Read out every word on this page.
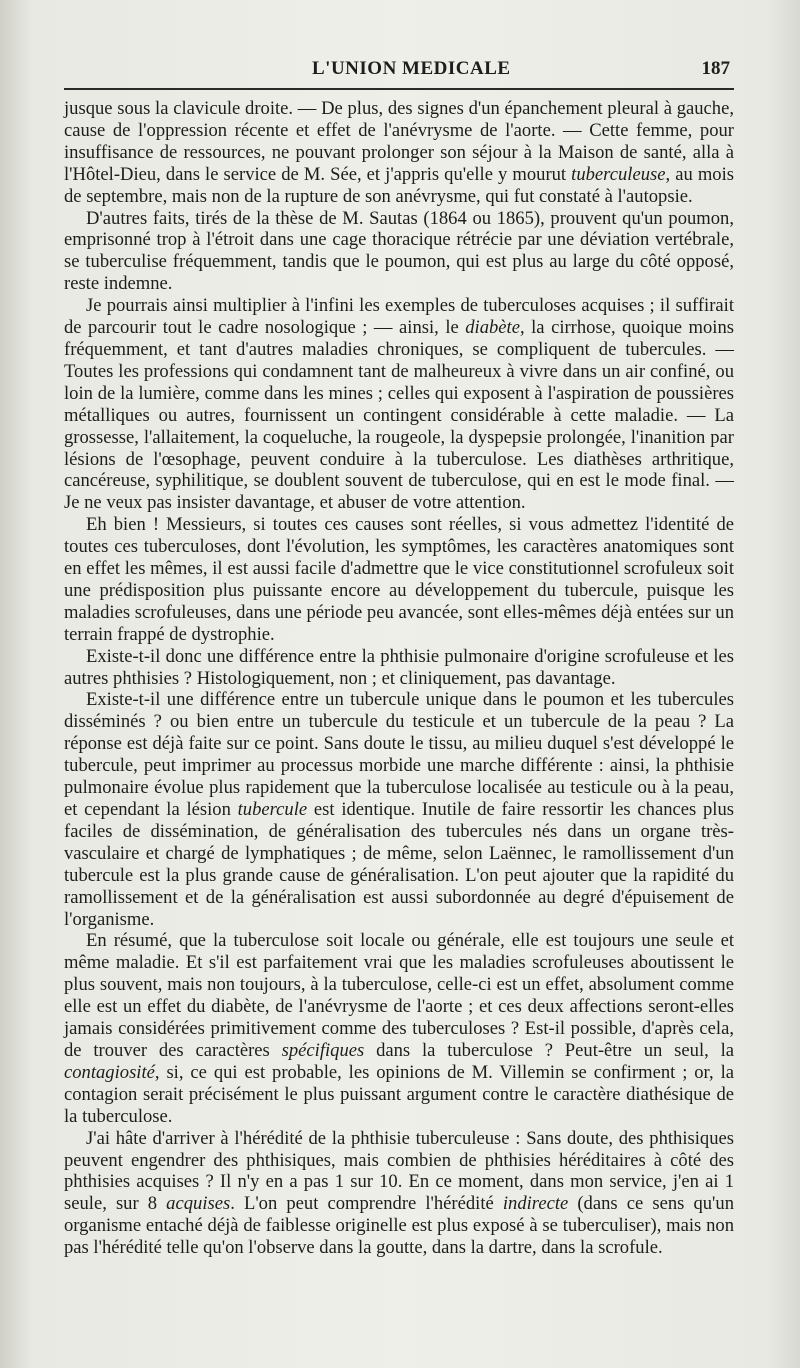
L'UNION MEDICALE	187

jusque sous la clavicule droite. — De plus, des signes d'un épanchement pleural à gauche, cause de l'oppression récente et effet de l'anévrysme de l'aorte. — Cette femme, pour insuffisance de ressources, ne pouvant prolonger son séjour à la Maison de santé, alla à l'Hôtel-Dieu, dans le service de M. Sée, et j'appris qu'elle y mourut tuberculeuse, au mois de septembre, mais non de la rupture de son anévrysme, qui fut constaté à l'autopsie.

D'autres faits, tirés de la thèse de M. Sautas (1864 ou 1865), prouvent qu'un poumon, emprisonné trop à l'étroit dans une cage thoracique rétrécie par une déviation vertébrale, se tuberculise fréquemment, tandis que le poumon, qui est plus au large du côté opposé, reste indemne.

Je pourrais ainsi multiplier à l'infini les exemples de tuberculoses acquises ; il suffirait de parcourir tout le cadre nosologique ; — ainsi, le diabète, la cirrhose, quoique moins fréquemment, et tant d'autres maladies chroniques, se compliquent de tubercules. — Toutes les professions qui condamnent tant de malheureux à vivre dans un air confiné, ou loin de la lumière, comme dans les mines ; celles qui exposent à l'aspiration de poussières métalliques ou autres, fournissent un contingent considérable à cette maladie. — La grossesse, l'allaitement, la coqueluche, la rougeole, la dyspepsie prolongée, l'inanition par lésions de l'œsophage, peuvent conduire à la tuberculose. Les diathèses arthritique, cancéreuse, syphilitique, se doublent souvent de tuberculose, qui en est le mode final. — Je ne veux pas insister davantage, et abuser de votre attention.

Eh bien ! Messieurs, si toutes ces causes sont réelles, si vous admettez l'identité de toutes ces tuberculoses, dont l'évolution, les symptômes, les caractères anatomiques sont en effet les mêmes, il est aussi facile d'admettre que le vice constitutionnel scrofuleux soit une prédisposition plus puissante encore au développement du tubercule, puisque les maladies scrofuleuses, dans une période peu avancée, sont elles-mêmes déjà entées sur un terrain frappé de dystrophie.

Existe-t-il donc une différence entre la phthisie pulmonaire d'origine scrofuleuse et les autres phthisies ? Histologiquement, non ; et cliniquement, pas davantage.

Existe-t-il une différence entre un tubercule unique dans le poumon et les tubercules disséminés ? ou bien entre un tubercule du testicule et un tubercule de la peau ? La réponse est déjà faite sur ce point. Sans doute le tissu, au milieu duquel s'est développé le tubercule, peut imprimer au processus morbide une marche différente : ainsi, la phthisie pulmonaire évolue plus rapidement que la tuberculose localisée au testicule ou à la peau, et cependant la lésion tubercule est identique. Inutile de faire ressortir les chances plus faciles de dissémination, de généralisation des tubercules nés dans un organe très-vasculaire et chargé de lymphatiques ; de même, selon Laënnec, le ramollissement d'un tubercule est la plus grande cause de généralisation. L'on peut ajouter que la rapidité du ramollissement et de la généralisation est aussi subordonnée au degré d'épuisement de l'organisme.

En résumé, que la tuberculose soit locale ou générale, elle est toujours une seule et même maladie. Et s'il est parfaitement vrai que les maladies scrofuleuses aboutissent le plus souvent, mais non toujours, à la tuberculose, celle-ci est un effet, absolument comme elle est un effet du diabète, de l'anévrysme de l'aorte ; et ces deux affections seront-elles jamais considérées primitivement comme des tuberculoses ? Est-il possible, d'après cela, de trouver des caractères spécifiques dans la tuberculose ? Peut-être un seul, la contagiosité, si, ce qui est probable, les opinions de M. Villemin se confirment ; or, la contagion serait précisément le plus puissant argument contre le caractère diathésique de la tuberculose.

J'ai hâte d'arriver à l'hérédité de la phthisie tuberculeuse : Sans doute, des phthisiques peuvent engendrer des phthisiques, mais combien de phthisies héréditaires à côté des phthisies acquises ? Il n'y en a pas 1 sur 10. En ce moment, dans mon service, j'en ai 1 seule, sur 8 acquises. L'on peut comprendre l'hérédité indirecte (dans ce sens qu'un organisme entaché déjà de faiblesse originelle est plus exposé à se tuberculiser), mais non pas l'hérédité telle qu'on l'observe dans la goutte, dans la dartre, dans la scrofule.
